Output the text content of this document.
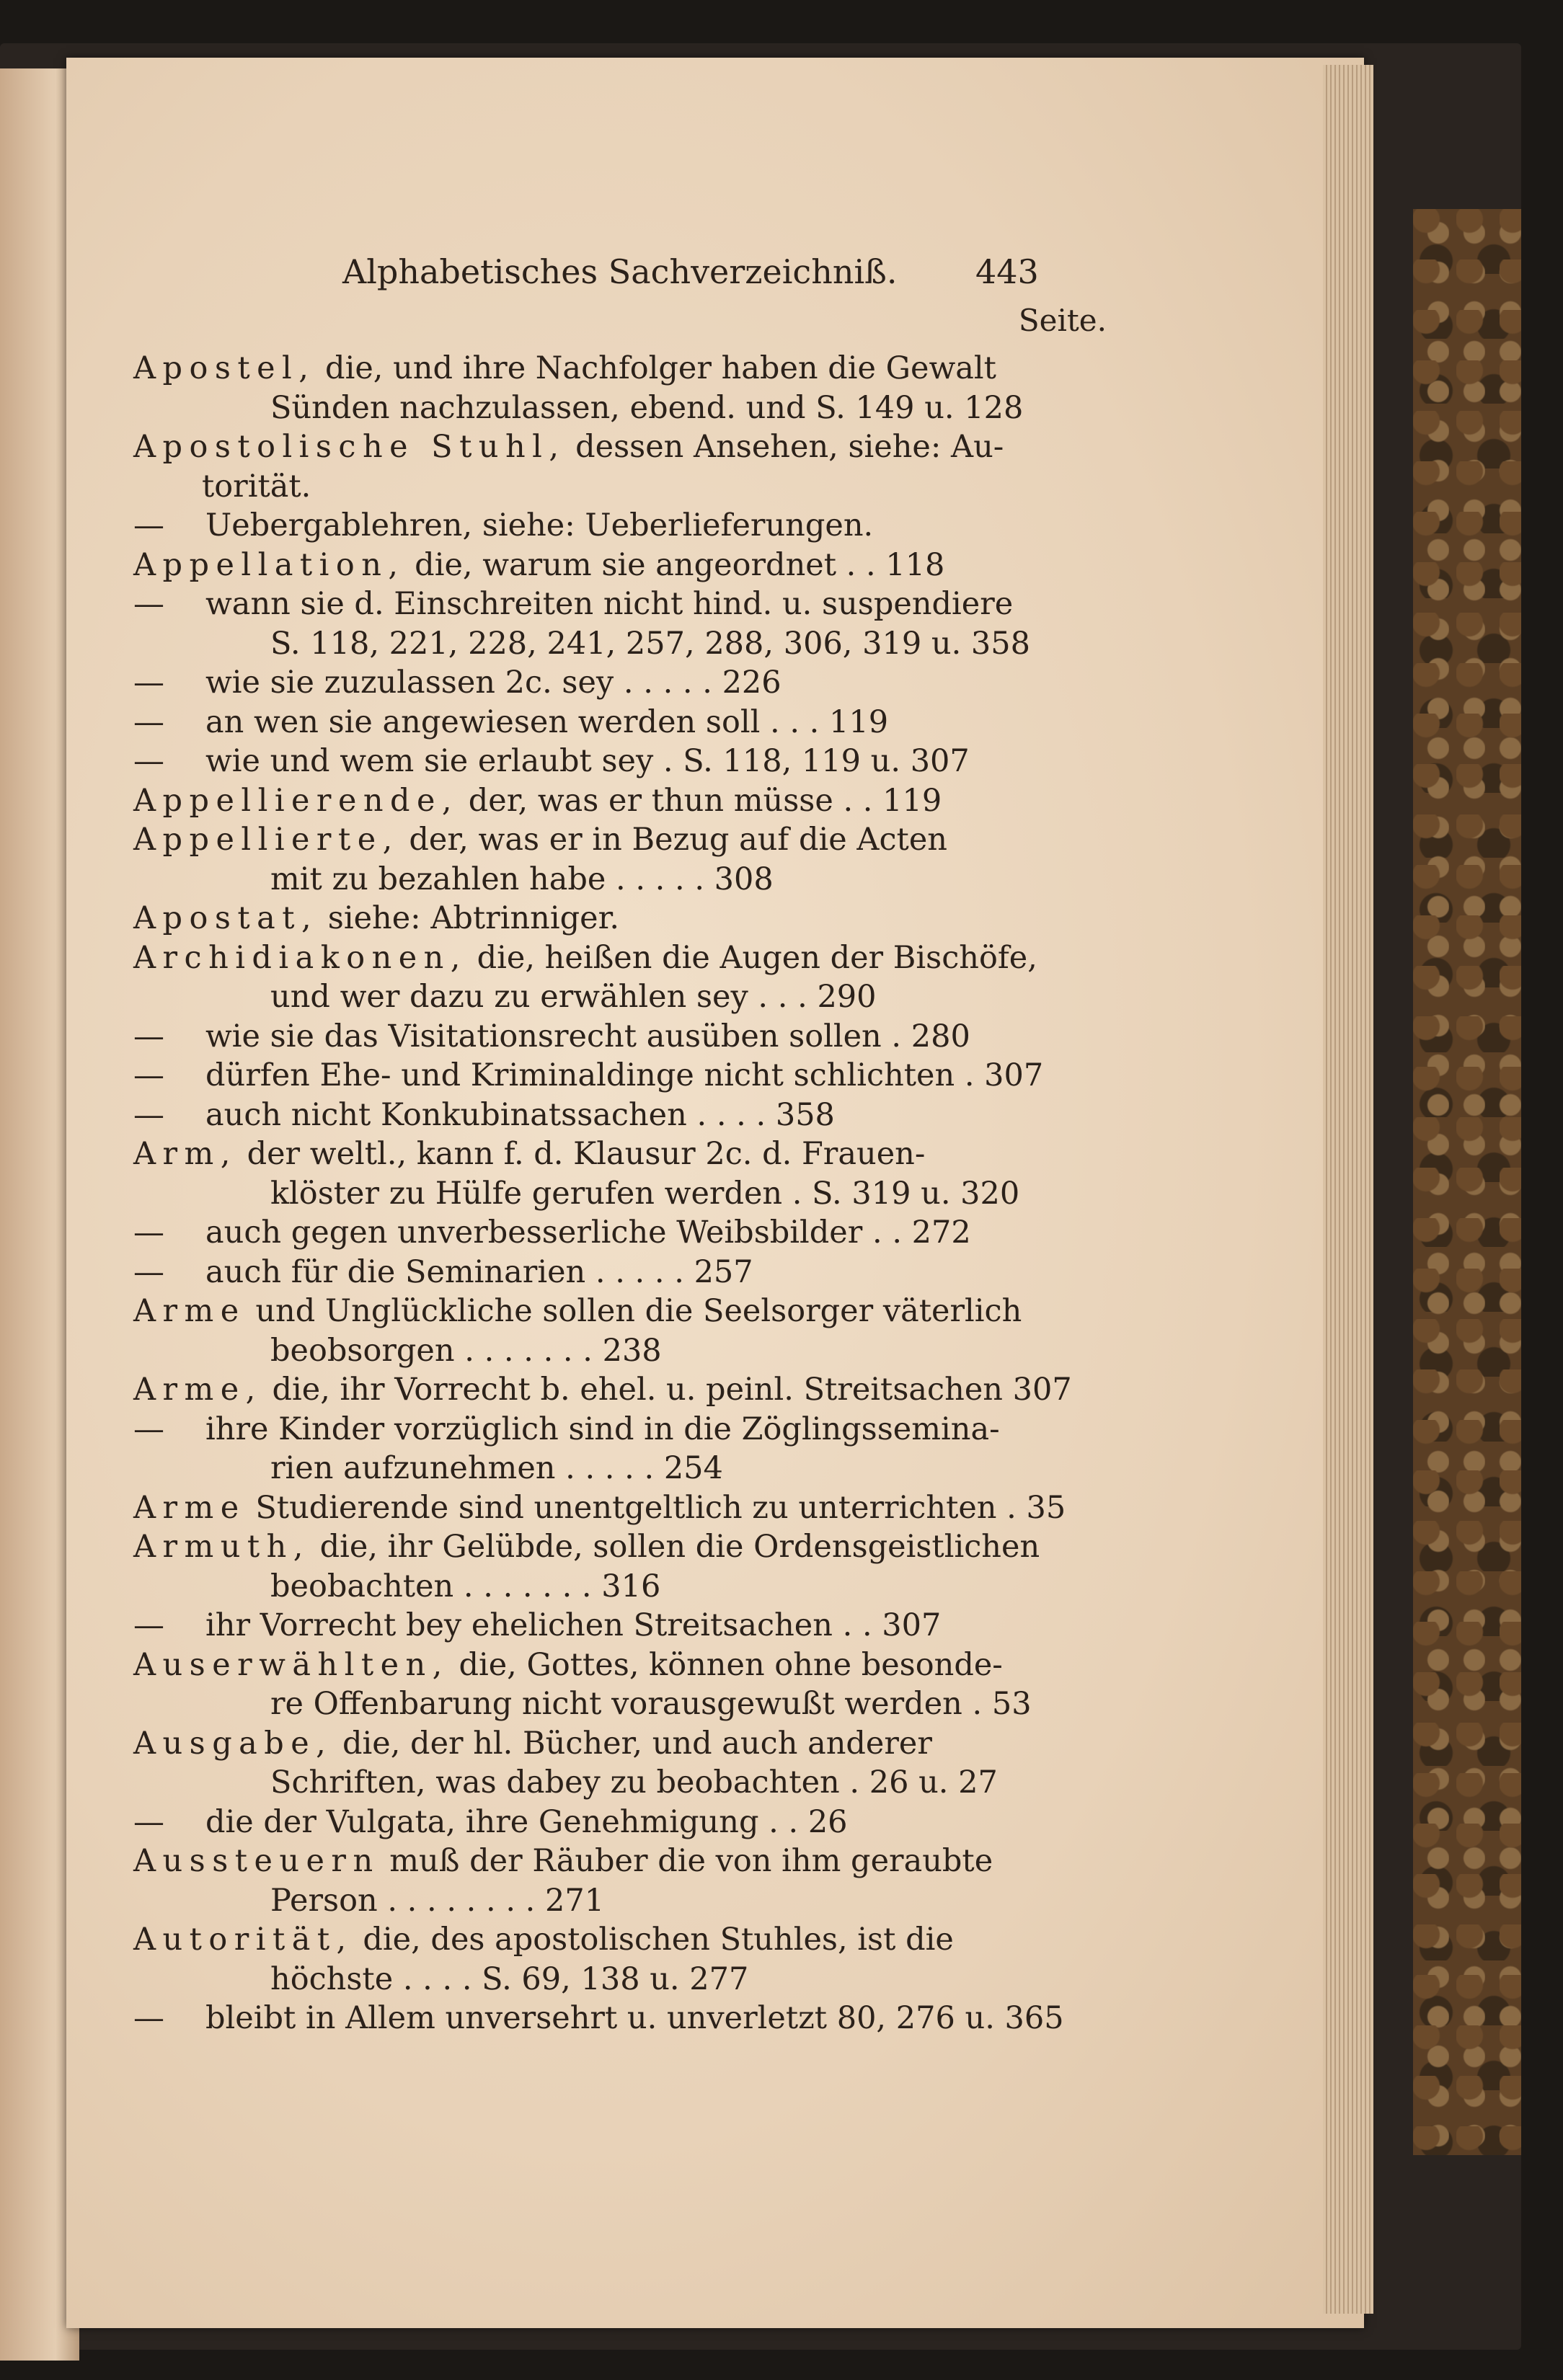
Alphabetisches Sachverzeichniß. 443
Seite.
Apostel, die, und ihre Nachfolger haben die Gewalt
Sünden nachzulassen, ebend. und S. 149 u. 128
Apostolische Stuhl, dessen Ansehen, siehe: Au-
torität.
— Uebergablehren, siehe: Ueberlieferungen.
Appellation, die, warum sie angeordnet . . 118
— wann sie d. Einschreiten nicht hind. u. suspendiere
S. 118, 221, 228, 241, 257, 288, 306, 319 u. 358
— wie sie zuzulassen 2c. sey . . . . . 226
— an wen sie angewiesen werden soll . . . 119
— wie und wem sie erlaubt sey . S. 118, 119 u. 307
Appellierende, der, was er thun müsse . . 119
Appellierte, der, was er in Bezug auf die Acten
mit zu bezahlen habe . . . . . 308
Apostat, siehe: Abtrinniger.
Archidiakonen, die, heißen die Augen der Bischöfe,
und wer dazu zu erwählen sey . . . 290
— wie sie das Visitationsrecht ausüben sollen . 280
— dürfen Ehe- und Kriminaldinge nicht schlichten . 307
— auch nicht Konkubinatssachen . . . . 358
Arm, der weltl., kann f. d. Klausur 2c. d. Frauen-
klöster zu Hülfe gerufen werden . S. 319 u. 320
— auch gegen unverbesserliche Weibsbilder . . 272
— auch für die Seminarien . . . . . 257
Arme und Unglückliche sollen die Seelsorger väterlich
beobsorgen . . . . . . . 238
Arme, die, ihr Vorrecht b. ehel. u. peinl. Streitsachen 307
— ihre Kinder vorzüglich sind in die Zöglingssemina-
rien aufzunehmen . . . . . 254
Arme Studierende sind unentgeltlich zu unterrichten . 35
Armuth, die, ihr Gelübde, sollen die Ordensgeistlichen
beobachten . . . . . . . 316
— ihr Vorrecht bey ehelichen Streitsachen . . 307
Auserwählten, die, Gottes, können ohne besonde-
re Offenbarung nicht vorausgewußt werden . 53
Ausgabe, die, der hl. Bücher, und auch anderer
Schriften, was dabey zu beobachten . 26 u. 27
— die der Vulgata, ihre Genehmigung . . 26
Aussteuern muß der Räuber die von ihm geraubte
Person . . . . . . . . 271
Autorität, die, des apostolischen Stuhles, ist die
höchste . . . . S. 69, 138 u. 277
— bleibt in Allem unversehrt u. unverletzt 80, 276 u. 365
